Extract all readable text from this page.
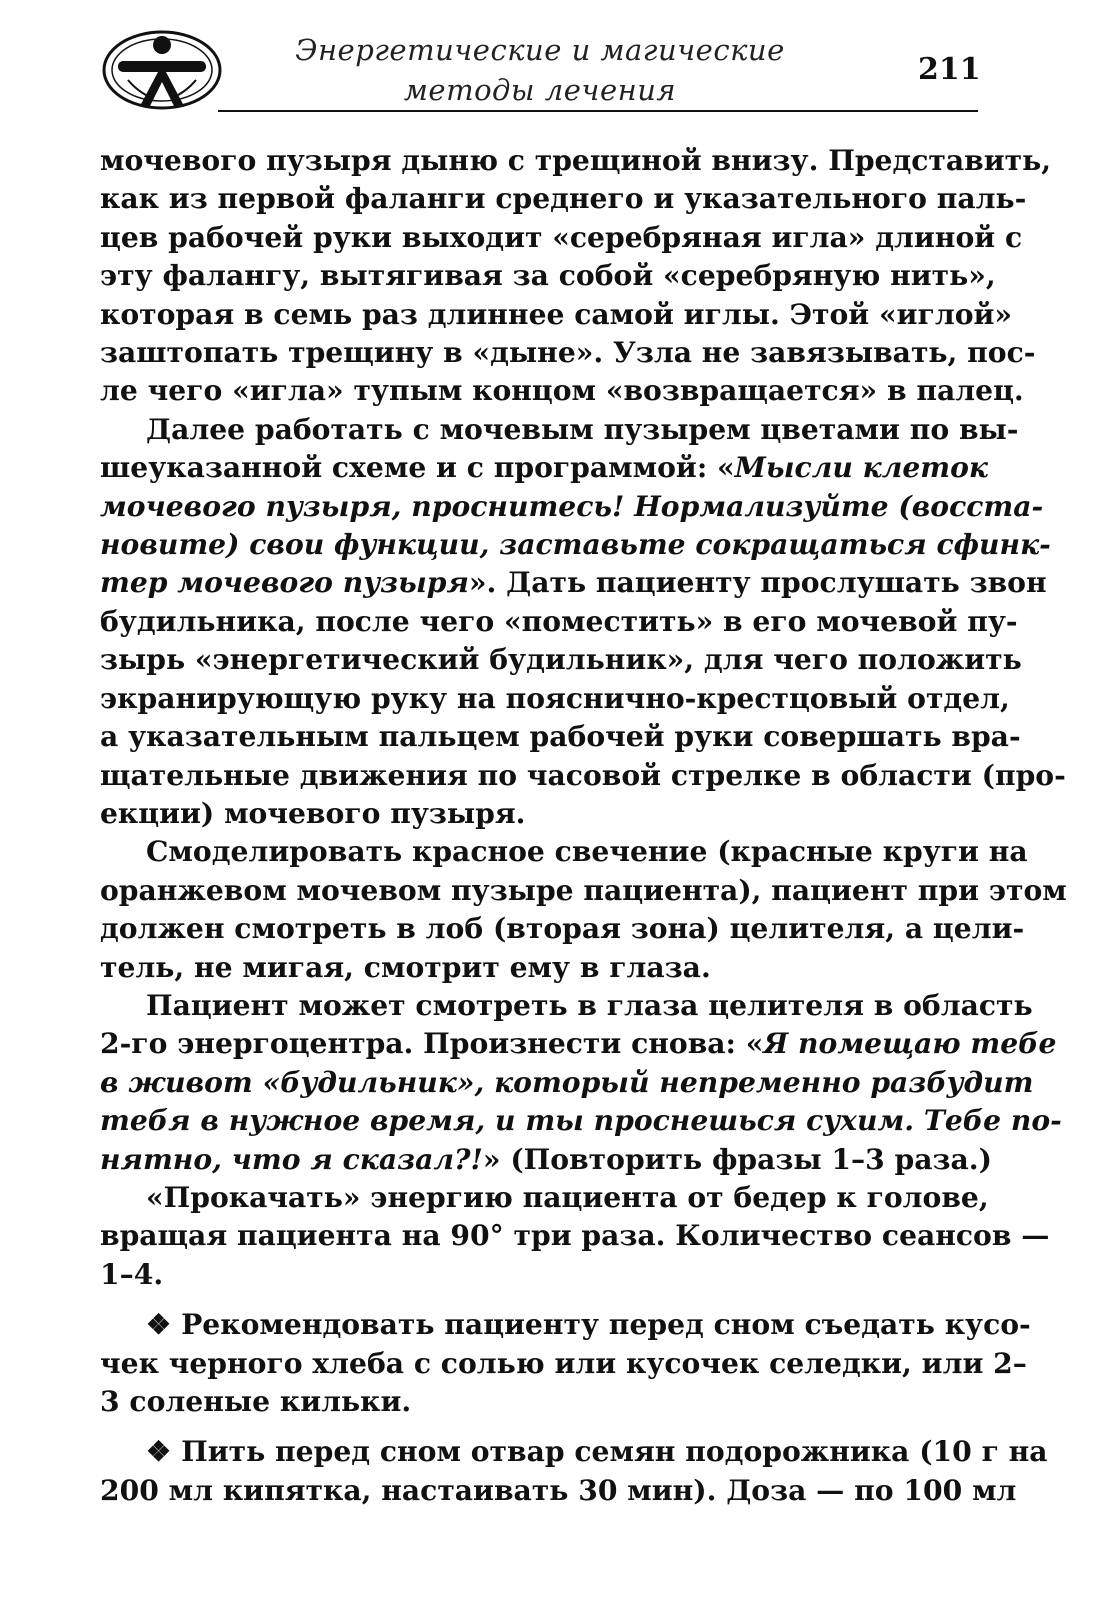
Энергетические и магические
методы лечения
211

мочевого пузыря дыню с трещиной внизу. Представить,
как из первой фаланги среднего и указательного паль-
цев рабочей руки выходит «серебряная игла» длиной с
эту фалангу, вытягивая за собой «серебряную нить»,
которая в семь раз длиннее самой иглы. Этой «иглой»
заштопать трещину в «дыне». Узла не завязывать, пос-
ле чего «игла» тупым концом «возвращается» в палец.

Далее работать с мочевым пузырем цветами по вы-
шеуказанной схеме и с программой: «Мысли клеток
мочевого пузыря, проснитесь! Нормализуйте (восста-
новите) свои функции, заставьте сокращаться сфинк-
тер мочевого пузыря». Дать пациенту прослушать звон
будильника, после чего «поместить» в его мочевой пу-
зырь «энергетический будильник», для чего положить
экранирующую руку на пояснично-крестцовый отдел,
а указательным пальцем рабочей руки совершать вра-
щательные движения по часовой стрелке в области (про-
екции) мочевого пузыря.

Смоделировать красное свечение (красные круги на
оранжевом мочевом пузыре пациента), пациент при этом
должен смотреть в лоб (вторая зона) целителя, а цели-
тель, не мигая, смотрит ему в глаза.

Пациент может смотреть в глаза целителя в область
2-го энергоцентра. Произнести снова: «Я помещаю тебе
в живот «будильник», который непременно разбудит
тебя в нужное время, и ты проснешься сухим. Тебе по-
нятно, что я сказал?!» (Повторить фразы 1–3 раза.)

«Прокачать» энергию пациента от бедер к голове,
вращая пациента на 90° три раза. Количество сеансов —
1–4.

❖ Рекомендовать пациенту перед сном съедать кусо-
чек черного хлеба с солью или кусочек селедки, или 2–
3 соленые кильки.

❖ Пить перед сном отвар семян подорожника (10 г на
200 мл кипятка, настаивать 30 мин). Доза — по 100 мл
